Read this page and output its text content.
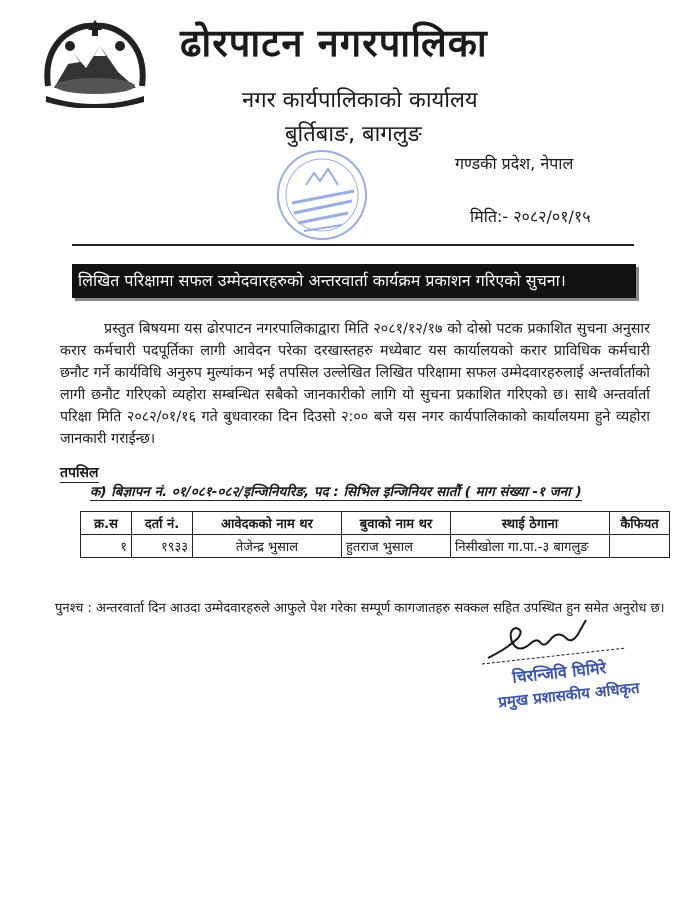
ढोरपाटन नगरपालिका
नगर कार्यपालिकाको कार्यालय
बुर्तिबाङ, बागलुङ
गण्डकी प्रदेश, नेपाल
मिति:- २०८२/०१/१५
लिखित परिक्षामा सफल उम्मेदवारहरुको अन्तरवार्ता कार्यक्रम प्रकाशन गरिएको सुचना।
प्रस्तुत बिषयमा यस ढोरपाटन नगरपालिकाद्वारा मिति २०८१/१२/१७ को दोस्रो पटक प्रकाशित सुचना अनुसार करार कर्मचारी पदपूर्तिका लागी आवेदन परेका दरखास्तहरु मध्येबाट यस कार्यालयको करार प्राविधिक कर्मचारी छनौट गर्ने कार्यविधि अनुरुप मुल्यांकन भई तपसिल उल्लेखित लिखित परिक्षामा सफल उम्मेदवारहरुलाई अन्तर्वार्ताको लागी छनौट गरिएको व्यहोरा सम्बन्धित सबैको जानकारीको लागि यो सुचना प्रकाशित गरिएको छ। साथै अन्तर्वार्ता परिक्षा मिति २०८२/०१/१६ गते बुधवारका दिन दिउसो २:०० बजे यस नगर कार्यपालिकाको कार्यालयमा हुने व्यहोरा जानकारी गराईन्छ।
तपसिल
क) बिज्ञापन नं. ०१/०८१-०८२/इन्जिनियरिङ, पद : सिभिल इन्जिनियर सातौं ( माग संख्या -१ जना )
क्र.स	दर्ता नं.	आवेदकको नाम थर	बुवाको नाम थर	स्थाई ठेगाना	कैफियत
१	१९३३	तेजेन्द्र भुसाल	हुतराज भुसाल	निसीखोला गा.पा.-३ बागलुङ	
पुनश्च : अन्तरवार्ता दिन आउदा उम्मेदवारहरुले आफुले पेश गरेका सम्पूर्ण कागजातहरु सक्कल सहित उपस्थित हुन समेत अनुरोध छ।
चिरन्जिवि घिमिरे
प्रमुख प्रशासकीय अधिकृत
